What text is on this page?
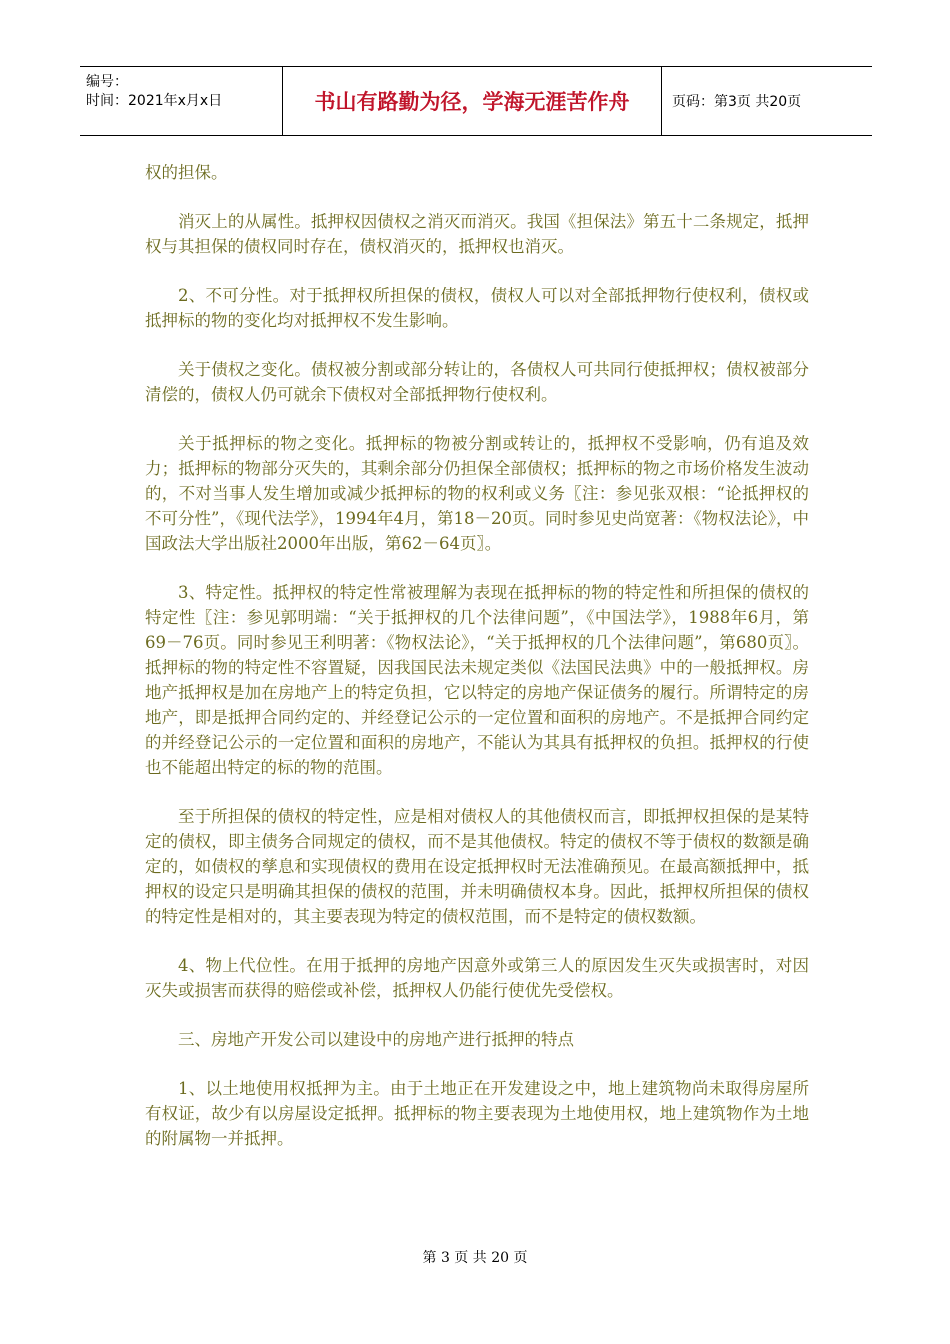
编号：
时间：2021年x月x日	书山有路勤为径，学海无涯苦作舟	页码：第3页 共20页

权的担保。

消灭上的从属性。抵押权因债权之消灭而消灭。我国《担保法》第五十二条规定，抵押权与其担保的债权同时存在，债权消灭的，抵押权也消灭。

2、不可分性。对于抵押权所担保的债权，债权人可以对全部抵押物行使权利，债权或抵押标的物的变化均对抵押权不发生影响。

关于债权之变化。债权被分割或部分转让的，各债权人可共同行使抵押权；债权被部分清偿的，债权人仍可就余下债权对全部抵押物行使权利。

关于抵押标的物之变化。抵押标的物被分割或转让的，抵押权不受影响，仍有追及效力；抵押标的物部分灭失的，其剩余部分仍担保全部债权；抵押标的物之市场价格发生波动的，不对当事人发生增加或减少抵押标的物的权利或义务〖注：参见张双根：“论抵押权的不可分性”，《现代法学》，1994年4月，第18－20页。同时参见史尚宽著：《物权法论》，中国政法大学出版社2000年出版，第62－64页〗。

3、特定性。抵押权的特定性常被理解为表现在抵押标的物的特定性和所担保的债权的特定性〖注：参见郭明端：“关于抵押权的几个法律问题”，《中国法学》，1988年6月，第69－76页。同时参见王利明著：《物权法论》，“关于抵押权的几个法律问题”，第680页〗。抵押标的物的特定性不容置疑，因我国民法未规定类似《法国民法典》中的一般抵押权。房地产抵押权是加在房地产上的特定负担，它以特定的房地产保证债务的履行。所谓特定的房地产，即是抵押合同约定的、并经登记公示的一定位置和面积的房地产。不是抵押合同约定的并经登记公示的一定位置和面积的房地产，不能认为其具有抵押权的负担。抵押权的行使也不能超出特定的标的物的范围。

至于所担保的债权的特定性，应是相对债权人的其他债权而言，即抵押权担保的是某特定的债权，即主债务合同规定的债权，而不是其他债权。特定的债权不等于债权的数额是确定的，如债权的孳息和实现债权的费用在设定抵押权时无法准确预见。在最高额抵押中，抵押权的设定只是明确其担保的债权的范围，并未明确债权本身。因此，抵押权所担保的债权的特定性是相对的，其主要表现为特定的债权范围，而不是特定的债权数额。

4、物上代位性。在用于抵押的房地产因意外或第三人的原因发生灭失或损害时，对因灭失或损害而获得的赔偿或补偿，抵押权人仍能行使优先受偿权。

三、房地产开发公司以建设中的房地产进行抵押的特点

1、以土地使用权抵押为主。由于土地正在开发建设之中，地上建筑物尚未取得房屋所有权证，故少有以房屋设定抵押。抵押标的物主要表现为土地使用权，地上建筑物作为土地的附属物一并抵押。

第 3 页 共 20 页
